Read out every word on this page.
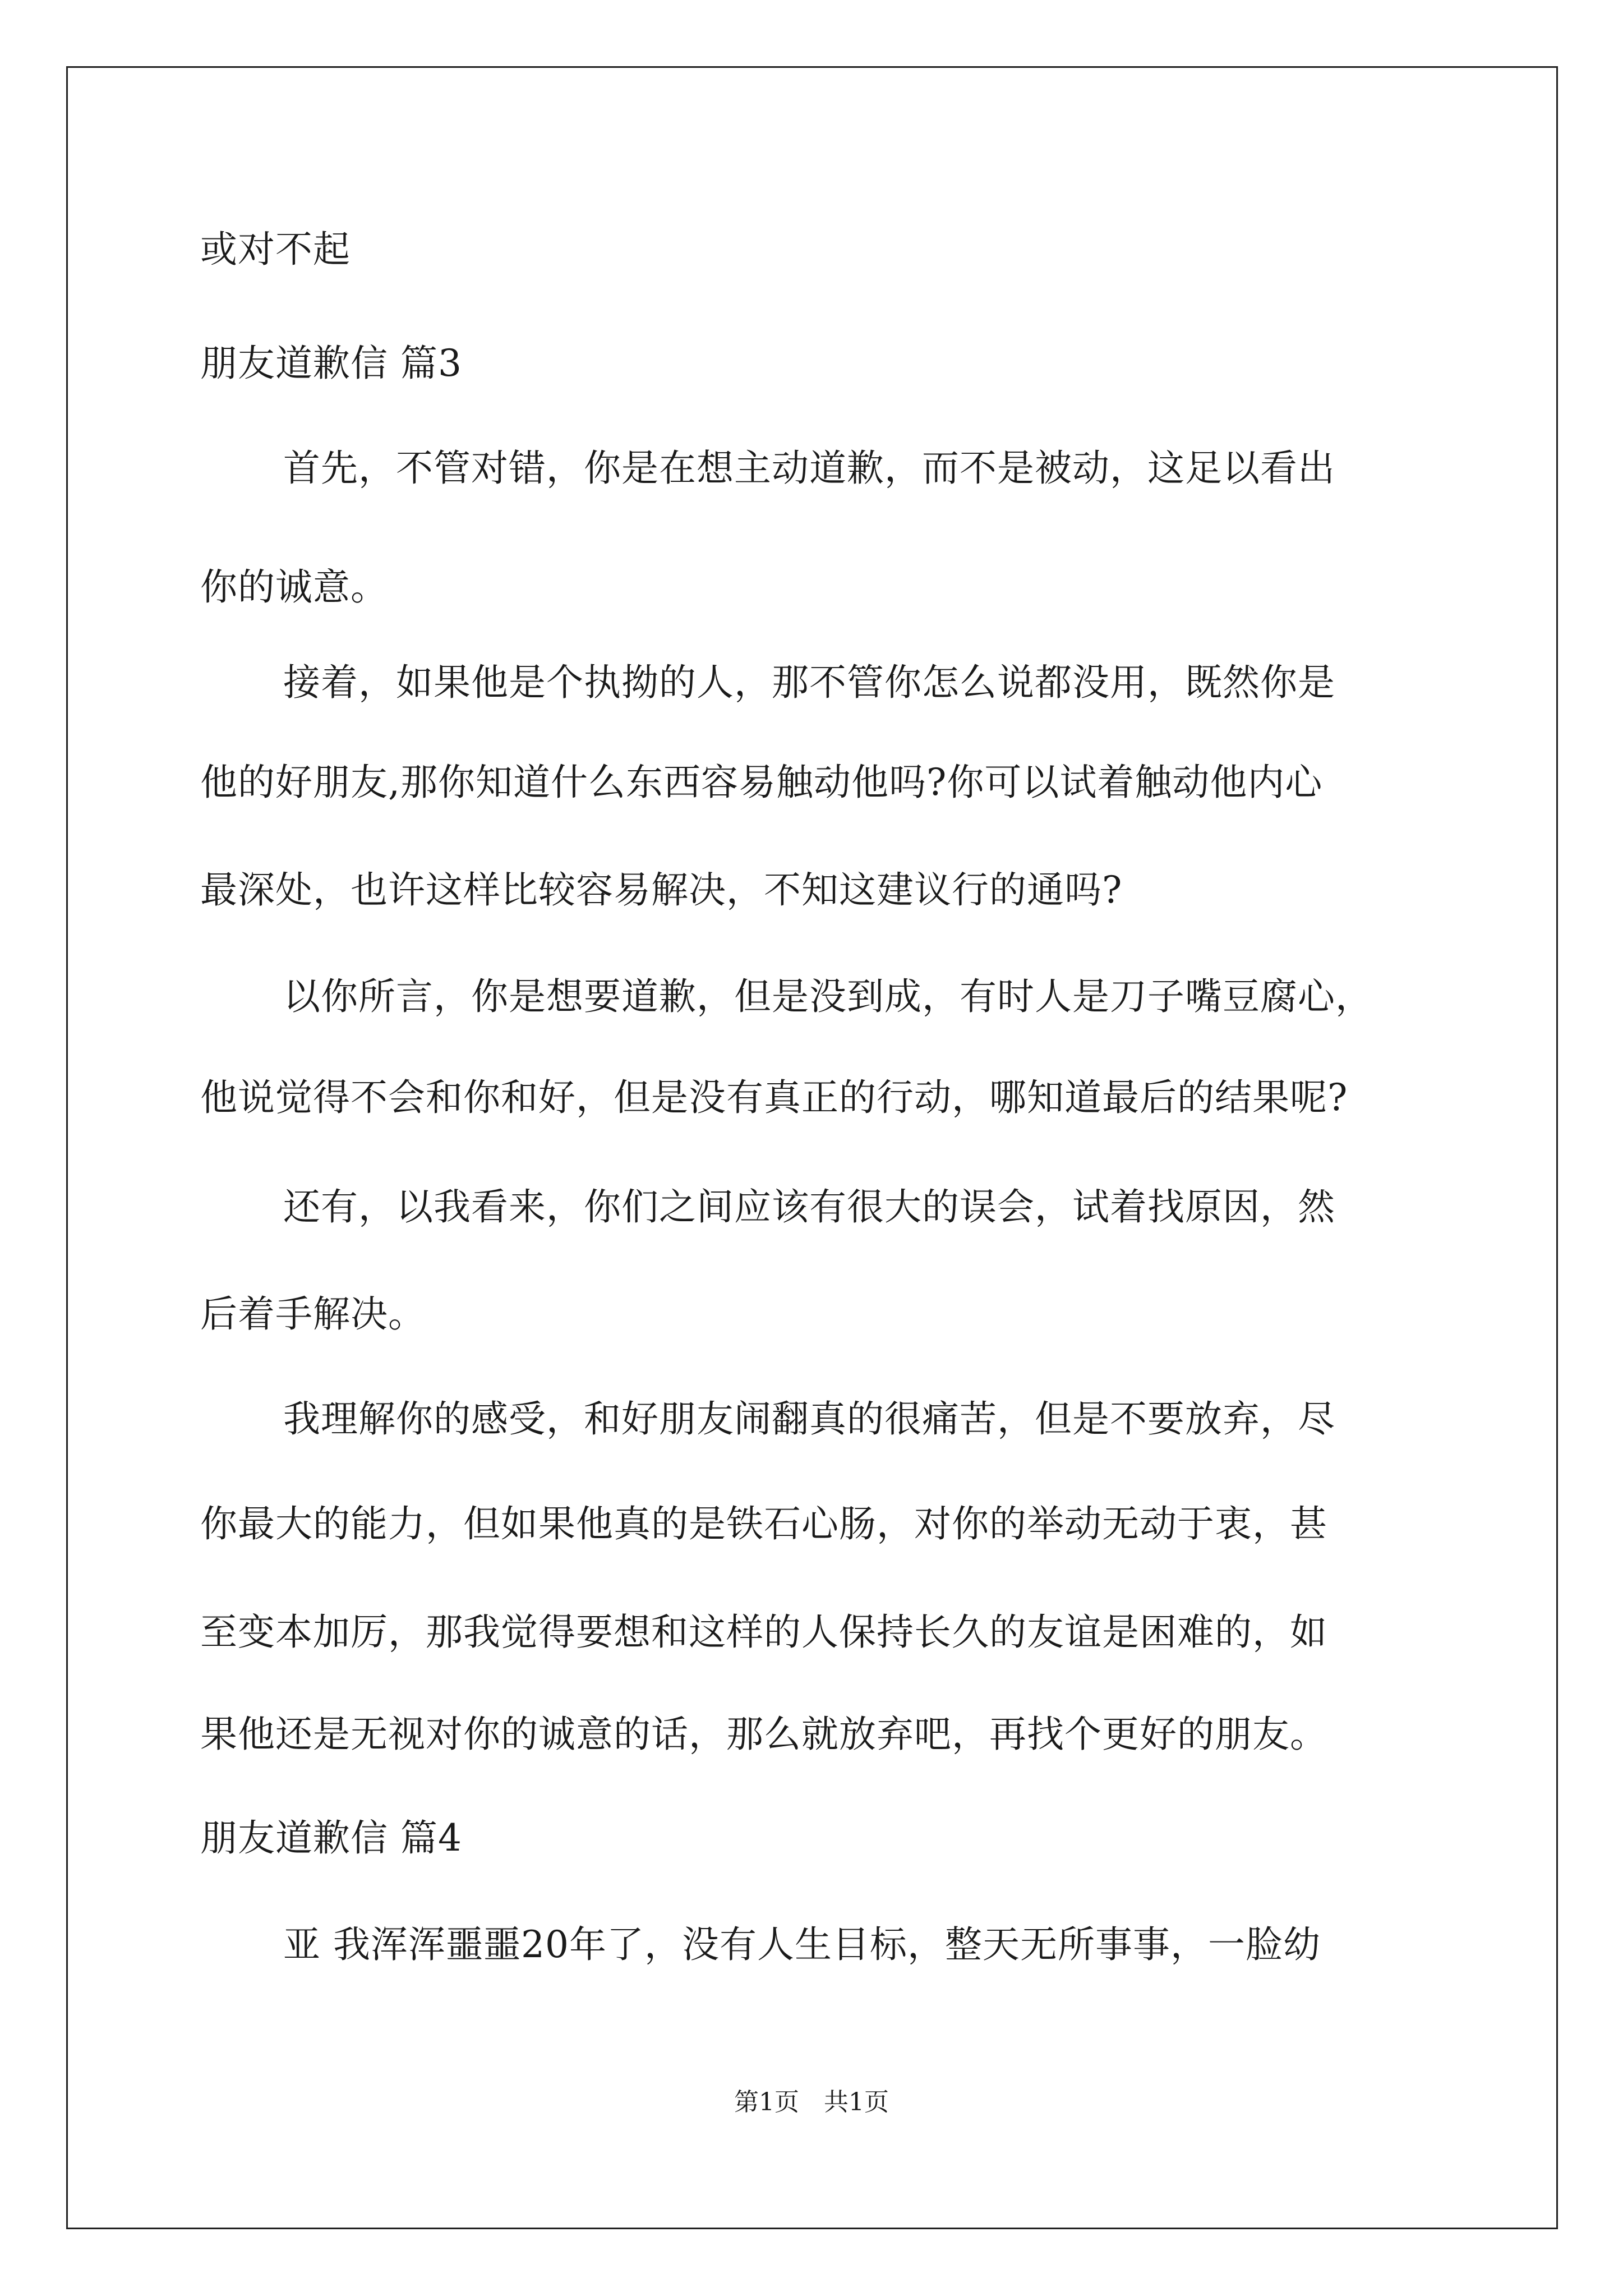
或对不起
朋友道歉信 篇3
首先，不管对错，你是在想主动道歉，而不是被动，这足以看出
你的诚意。
接着，如果他是个执拗的人，那不管你怎么说都没用，既然你是
他的好朋友,那你知道什么东西容易触动他吗?你可以试着触动他内心
最深处，也许这样比较容易解决，不知这建议行的通吗?
以你所言，你是想要道歉，但是没到成，有时人是刀子嘴豆腐心，
他说觉得不会和你和好，但是没有真正的行动，哪知道最后的结果呢?
还有，以我看来，你们之间应该有很大的误会，试着找原因，然
后着手解决。
我理解你的感受，和好朋友闹翻真的很痛苦，但是不要放弃，尽
你最大的能力，但如果他真的是铁石心肠，对你的举动无动于衷，甚
至变本加厉，那我觉得要想和这样的人保持长久的友谊是困难的，如
果他还是无视对你的诚意的话，那么就放弃吧，再找个更好的朋友。
朋友道歉信 篇4
亚 我浑浑噩噩20年了，没有人生目标，整天无所事事，一脸幼
第1页　共1页
